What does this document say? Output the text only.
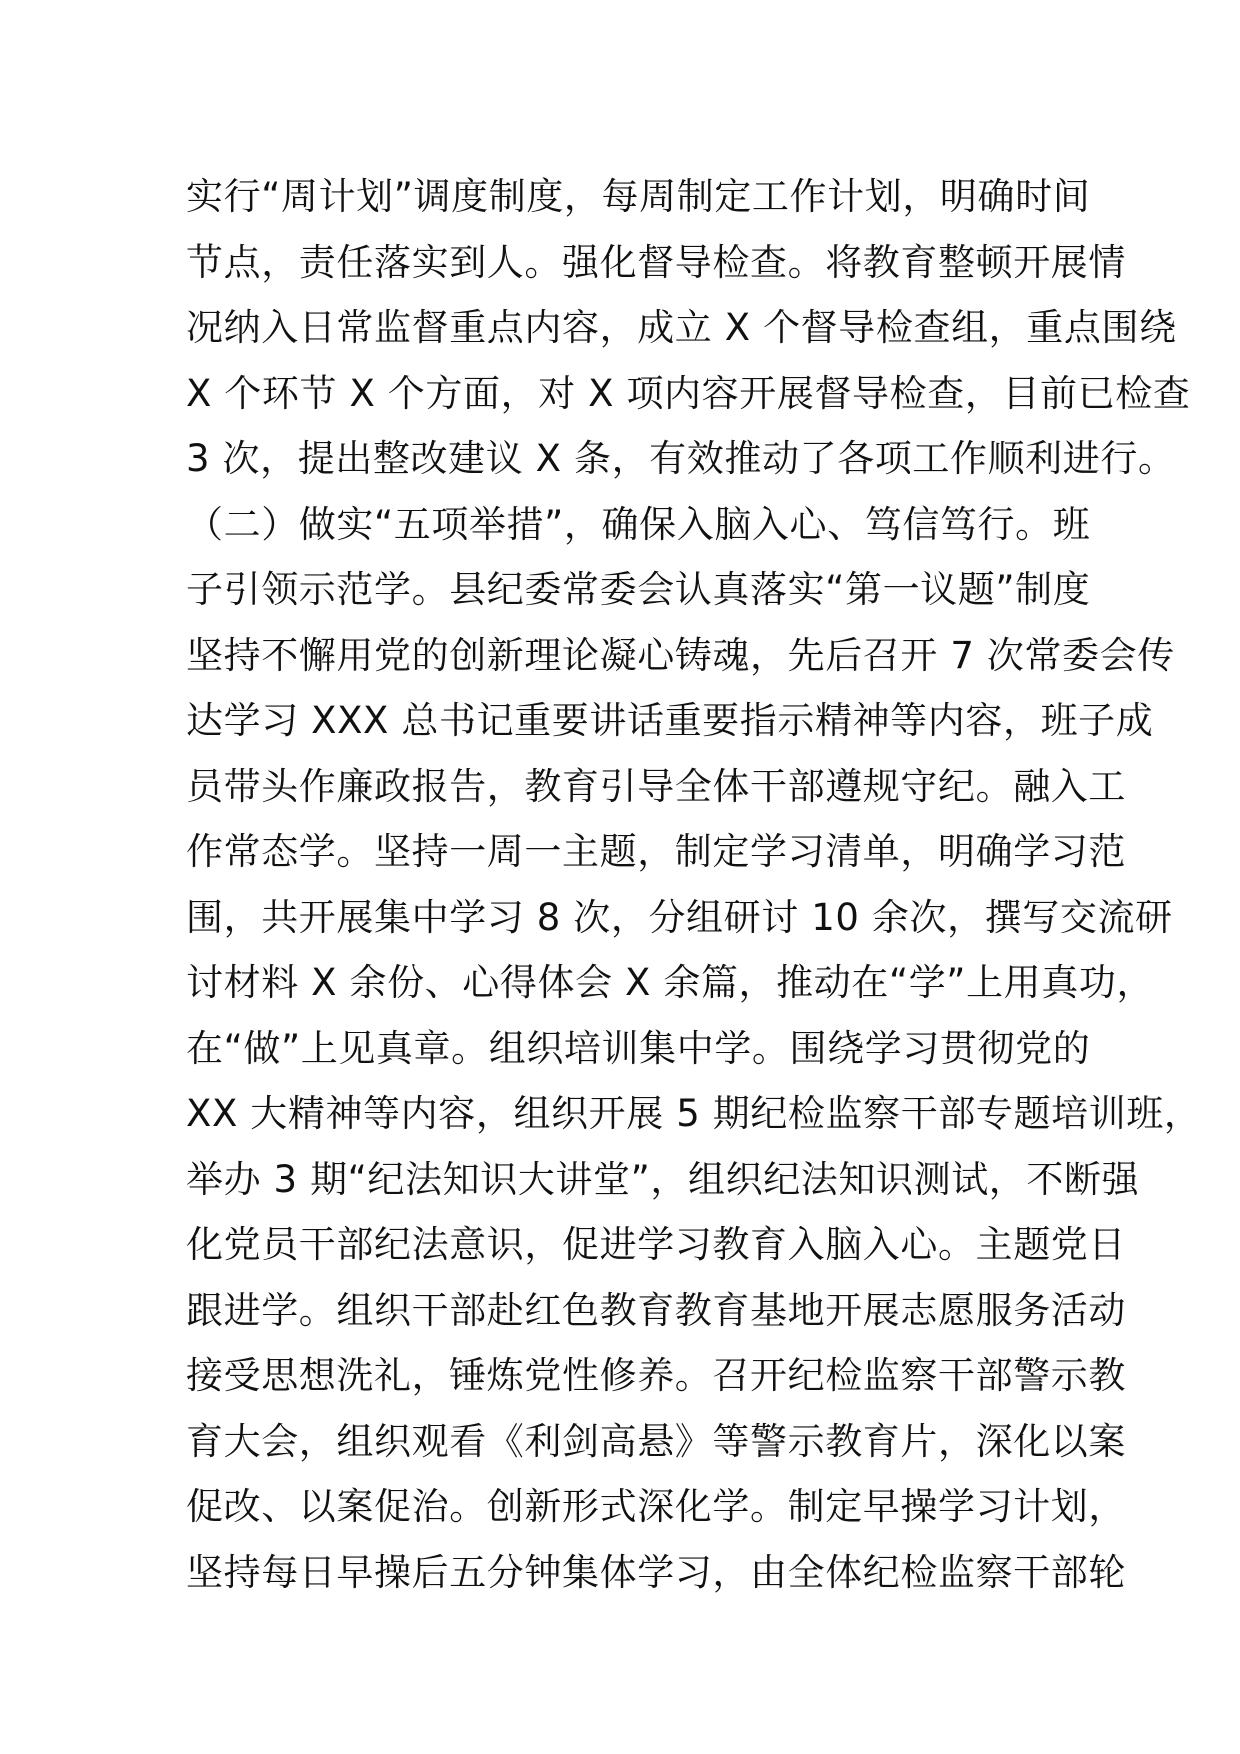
实行“周计划”调度制度，每周制定工作计划，明确时间
节点，责任落实到人。强化督导检查。将教育整顿开展情
况纳入日常监督重点内容，成立 X 个督导检查组，重点围绕
X 个环节 X 个方面，对 X 项内容开展督导检查，目前已检查
3 次，提出整改建议 X 条，有效推动了各项工作顺利进行。
（二）做实“五项举措”，确保入脑入心、笃信笃行。班
子引领示范学。县纪委常委会认真落实“第一议题”制度
坚持不懈用党的创新理论凝心铸魂，先后召开 7 次常委会传
达学习 XXX 总书记重要讲话重要指示精神等内容，班子成
员带头作廉政报告，教育引导全体干部遵规守纪。融入工
作常态学。坚持一周一主题，制定学习清单，明确学习范
围，共开展集中学习 8 次，分组研讨 10 余次，撰写交流研
讨材料 X 余份、心得体会 X 余篇，推动在“学”上用真功，
在“做”上见真章。组织培训集中学。围绕学习贯彻党的
XX 大精神等内容，组织开展 5 期纪检监察干部专题培训班，
举办 3 期“纪法知识大讲堂”，组织纪法知识测试，不断强
化党员干部纪法意识，促进学习教育入脑入心。主题党日
跟进学。组织干部赴红色教育教育基地开展志愿服务活动
接受思想洗礼，锤炼党性修养。召开纪检监察干部警示教
育大会，组织观看《利剑高悬》等警示教育片，深化以案
促改、以案促治。创新形式深化学。制定早操学习计划，
坚持每日早操后五分钟集体学习，由全体纪检监察干部轮
